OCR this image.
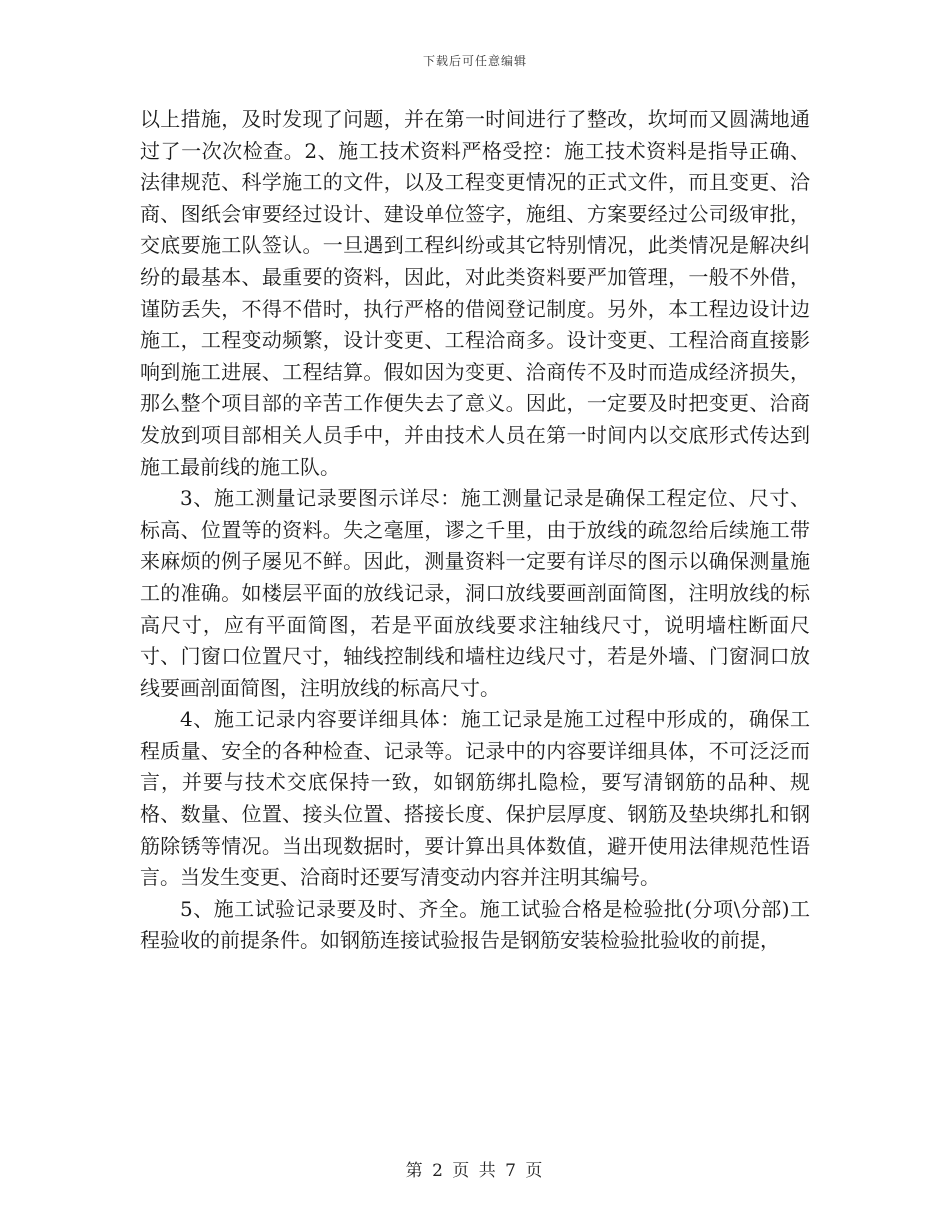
下载后可任意编辑

以上措施，及时发现了问题，并在第一时间进行了整改，坎坷而又圆满地通过了一次次检查。2、施工技术资料严格受控：施工技术资料是指导正确、法律规范、科学施工的文件，以及工程变更情况的正式文件，而且变更、洽商、图纸会审要经过设计、建设单位签字，施组、方案要经过公司级审批，交底要施工队签认。一旦遇到工程纠纷或其它特别情况，此类情况是解决纠纷的最基本、最重要的资料，因此，对此类资料要严加管理，一般不外借，谨防丢失，不得不借时，执行严格的借阅登记制度。另外，本工程边设计边施工，工程变动频繁，设计变更、工程洽商多。设计变更、工程洽商直接影响到施工进展、工程结算。假如因为变更、洽商传不及时而造成经济损失，那么整个项目部的辛苦工作便失去了意义。因此，一定要及时把变更、洽商发放到项目部相关人员手中，并由技术人员在第一时间内以交底形式传达到施工最前线的施工队。

3、施工测量记录要图示详尽：施工测量记录是确保工程定位、尺寸、标高、位置等的资料。失之毫厘，谬之千里，由于放线的疏忽给后续施工带来麻烦的例子屡见不鲜。因此，测量资料一定要有详尽的图示以确保测量施工的准确。如楼层平面的放线记录，洞口放线要画剖面简图，注明放线的标高尺寸，应有平面简图，若是平面放线要求注轴线尺寸，说明墙柱断面尺寸、门窗口位置尺寸，轴线控制线和墙柱边线尺寸，若是外墙、门窗洞口放线要画剖面简图，注明放线的标高尺寸。

4、施工记录内容要详细具体：施工记录是施工过程中形成的，确保工程质量、安全的各种检查、记录等。记录中的内容要详细具体，不可泛泛而言，并要与技术交底保持一致，如钢筋绑扎隐检，要写清钢筋的品种、规格、数量、位置、接头位置、搭接长度、保护层厚度、钢筋及垫块绑扎和钢筋除锈等情况。当出现数据时，要计算出具体数值，避开使用法律规范性语言。当发生变更、洽商时还要写清变动内容并注明其编号。

5、施工试验记录要及时、齐全。施工试验合格是检验批(分项\分部)工程验收的前提条件。如钢筋连接试验报告是钢筋安装检验批验收的前提，

第 2 页 共 7 页
